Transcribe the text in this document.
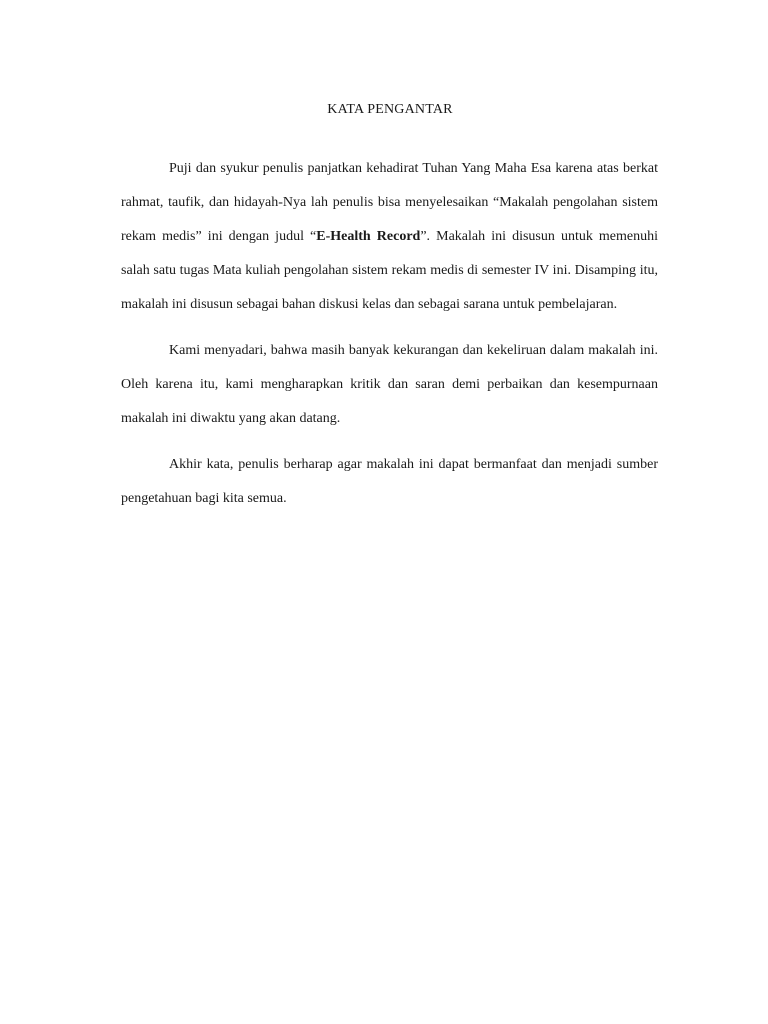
KATA PENGANTAR

Puji dan syukur penulis panjatkan kehadirat Tuhan Yang Maha Esa karena atas berkat rahmat, taufik, dan hidayah-Nya lah penulis bisa menyelesaikan “Makalah pengolahan sistem rekam medis” ini dengan judul “E-Health Record”. Makalah ini disusun untuk memenuhi salah satu tugas Mata kuliah pengolahan sistem rekam medis di semester IV ini. Disamping itu, makalah ini disusun sebagai bahan diskusi kelas dan sebagai sarana untuk pembelajaran.

Kami menyadari, bahwa masih banyak kekurangan dan kekeliruan dalam makalah ini. Oleh karena itu, kami mengharapkan kritik dan saran demi perbaikan dan kesempurnaan makalah ini diwaktu yang akan datang.

Akhir kata, penulis berharap agar makalah ini dapat bermanfaat dan menjadi sumber pengetahuan bagi kita semua.
